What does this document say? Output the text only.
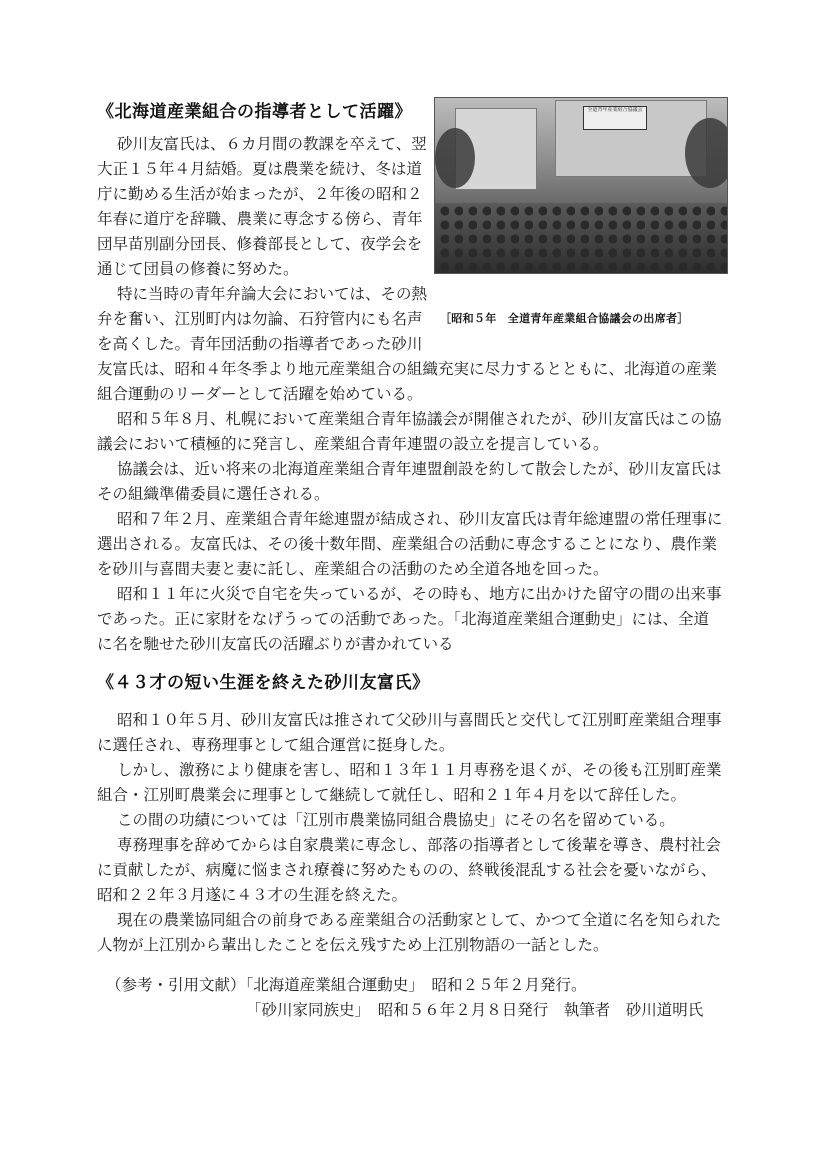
《北海道産業組合の指導者として活躍》	全道青年産業組合協議会
［昭和５年　全道青年産業組合協議会の出席者］
砂川友富氏は、６カ月間の教課を卒えて、翌
大正１５年４月結婚。夏は農業を続け、冬は道
庁に勤める生活が始まったが、２年後の昭和２
年春に道庁を辞職、農業に専念する傍ら、青年
団早苗別副分団長、修養部長として、夜学会を
通じて団員の修養に努めた。
特に当時の青年弁論大会においては、その熱
弁を奮い、江別町内は勿論、石狩管内にも名声
を高くした。青年団活動の指導者であった砂川
友富氏は、昭和４年冬季より地元産業組合の組織充実に尽力するとともに、北海道の産業
組合運動のリーダーとして活躍を始めている。
昭和５年８月、札幌において産業組合青年協議会が開催されたが、砂川友富氏はこの協
議会において積極的に発言し、産業組合青年連盟の設立を提言している。
協議会は、近い将来の北海道産業組合青年連盟創設を約して散会したが、砂川友富氏は
その組織準備委員に選任される。
昭和７年２月、産業組合青年総連盟が結成され、砂川友富氏は青年総連盟の常任理事に
選出される。友富氏は、その後十数年間、産業組合の活動に専念することになり、農作業
を砂川与喜間夫妻と妻に託し、産業組合の活動のため全道各地を回った。
昭和１１年に火災で自宅を失っているが、その時も、地方に出かけた留守の間の出来事
であった。正に家財をなげうっての活動であった。「北海道産業組合運動史」には、全道
に名を馳せた砂川友富氏の活躍ぶりが書かれている
《４３才の短い生涯を終えた砂川友富氏》
昭和１０年５月、砂川友富氏は推されて父砂川与喜間氏と交代して江別町産業組合理事
に選任され、専務理事として組合運営に挺身した。
しかし、激務により健康を害し、昭和１３年１１月専務を退くが、その後も江別町産業
組合・江別町農業会に理事として継続して就任し、昭和２１年４月を以て辞任した。
この間の功績については「江別市農業協同組合農協史」にその名を留めている。
専務理事を辞めてからは自家農業に専念し、部落の指導者として後輩を導き、農村社会
に貢献したが、病魔に悩まされ療養に努めたものの、終戦後混乱する社会を憂いながら、
昭和２２年３月遂に４３才の生涯を終えた。
現在の農業協同組合の前身である産業組合の活動家として、かつて全道に名を知られた
人物が上江別から輩出したことを伝え残すため上江別物語の一話とした。
（参考・引用文献）「北海道産業組合運動史」　昭和２５年２月発行。
「砂川家同族史」　昭和５６年２月８日発行　執筆者　砂川道明氏
